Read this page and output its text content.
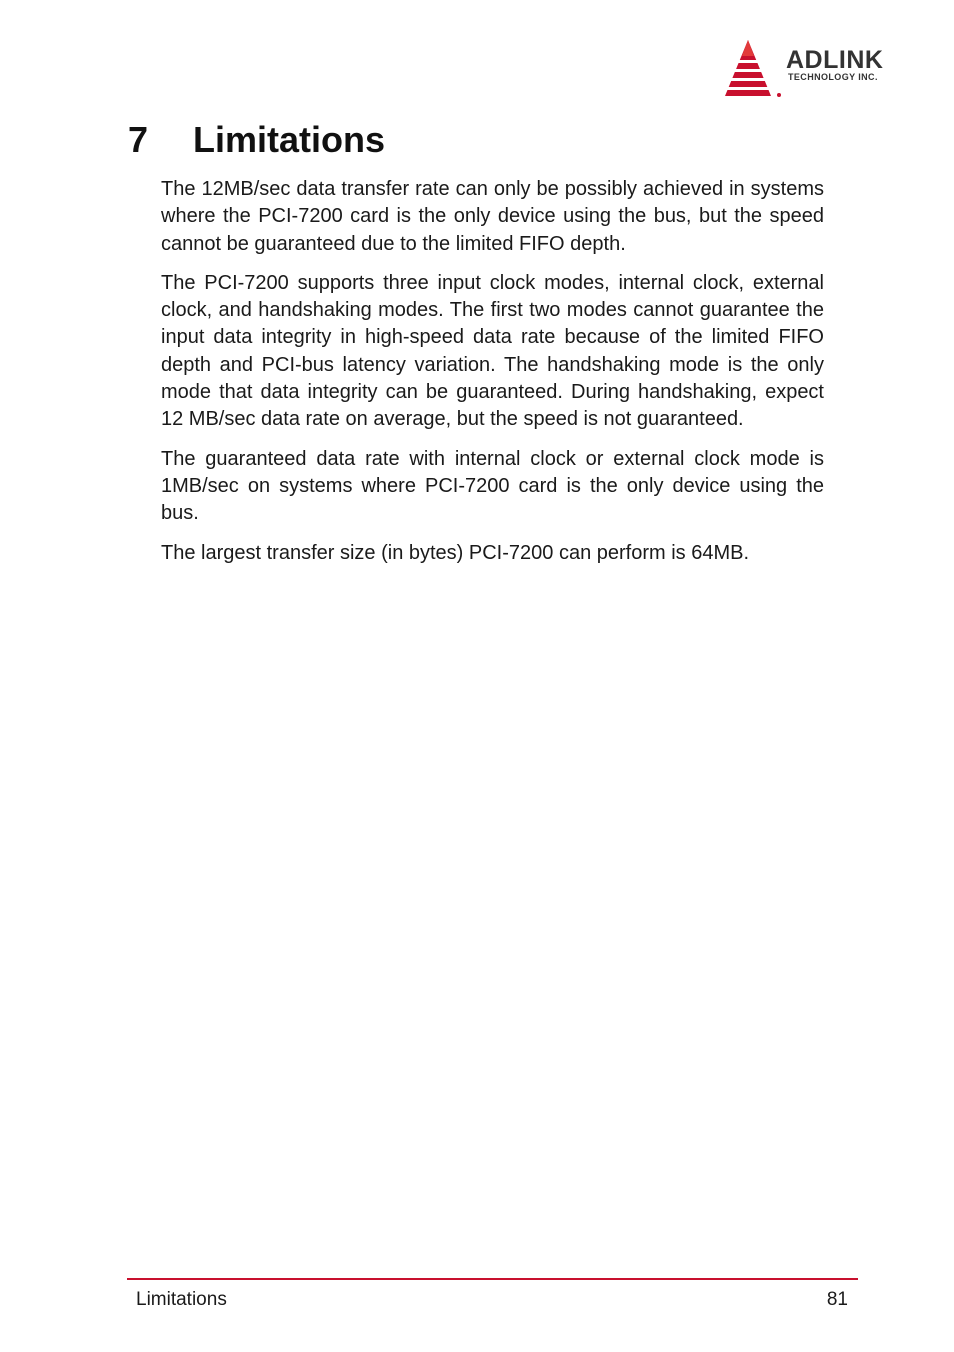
ADLINK
TECHNOLOGY INC.
7 Limitations

The 12MB/sec data transfer rate can only be possibly achieved in systems where the PCI-7200 card is the only device using the bus, but the speed cannot be guaranteed due to the limited FIFO depth.

The PCI-7200 supports three input clock modes, internal clock, external clock, and handshaking modes. The first two modes cannot guarantee the input data integrity in high-speed data rate because of the limited FIFO depth and PCI-bus latency variation. The handshaking mode is the only mode that data integrity can be guaranteed. During handshaking, expect 12 MB/sec data rate on average, but the speed is not guaranteed.

The guaranteed data rate with internal clock or external clock mode is 1MB/sec on systems where PCI-7200 card is the only device using the bus.

The largest transfer size (in bytes) PCI-7200 can perform is 64MB.

Limitations	81
